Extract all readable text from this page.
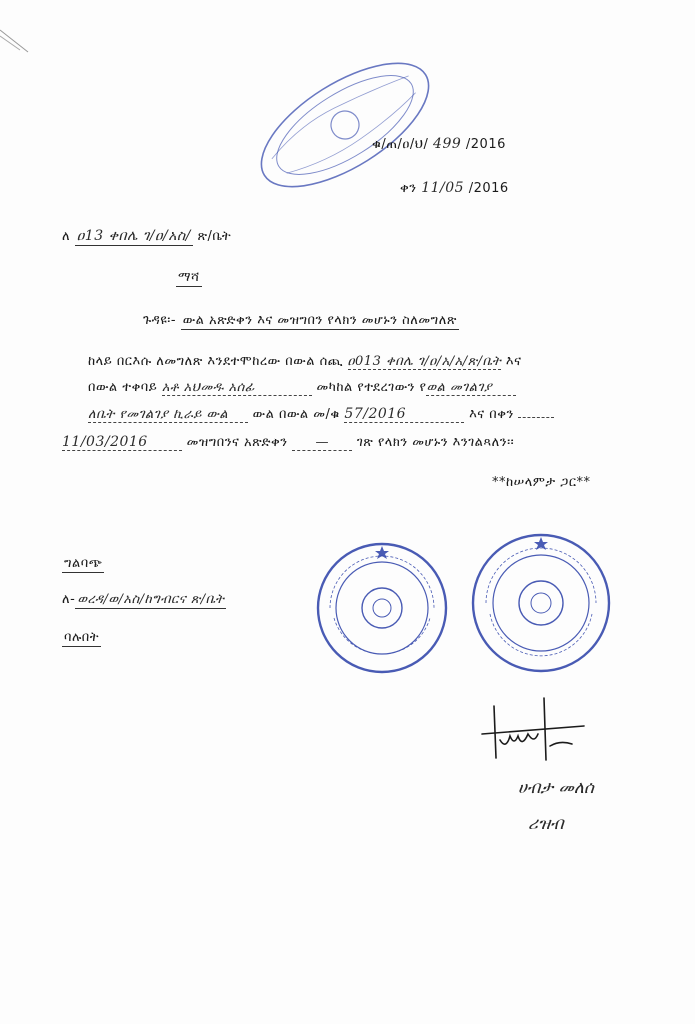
ቁ/ጠ/ዐ/ህ/ 499 /2016
ቀን 11/05 /2016
ለ ዐ13 ቀበሌ ገ/ዐ/አስ/ ጽ/ቤት
ማሻ
ጉዳዩ፡- ውል አጽድቀን እና መዝግበን የላክን መሆኑን ስለመግለጽ
ከላይ በርእሱ ለመግለጽ እንደተሞከረው በውል ሰጪ ዐ013 ቀበሌ ገ/ዐ/አ/አ/ጽ/ቤት እና
በውል ተቀባይ አቶ አህመዱ አሰፊ	መካከል የተደረገውን የወል መገልገያ
ለቤት የመገልገያ ኪራይ ውል ውል በውል መ/ቁ 57/2016	እና በቀን
11/03/2016	መዝግበንና አጽድቀን — ገጽ የላክን መሆኑን እንገልጻለን፡፡
**ከሠላምታ ጋር**
ግልባጭ
ለ- ወረዳ/ወ/አስ/ከግብርና ጽ/ቤት
ባሉበት
ሀብታ መለሰ
ሪዝብ
